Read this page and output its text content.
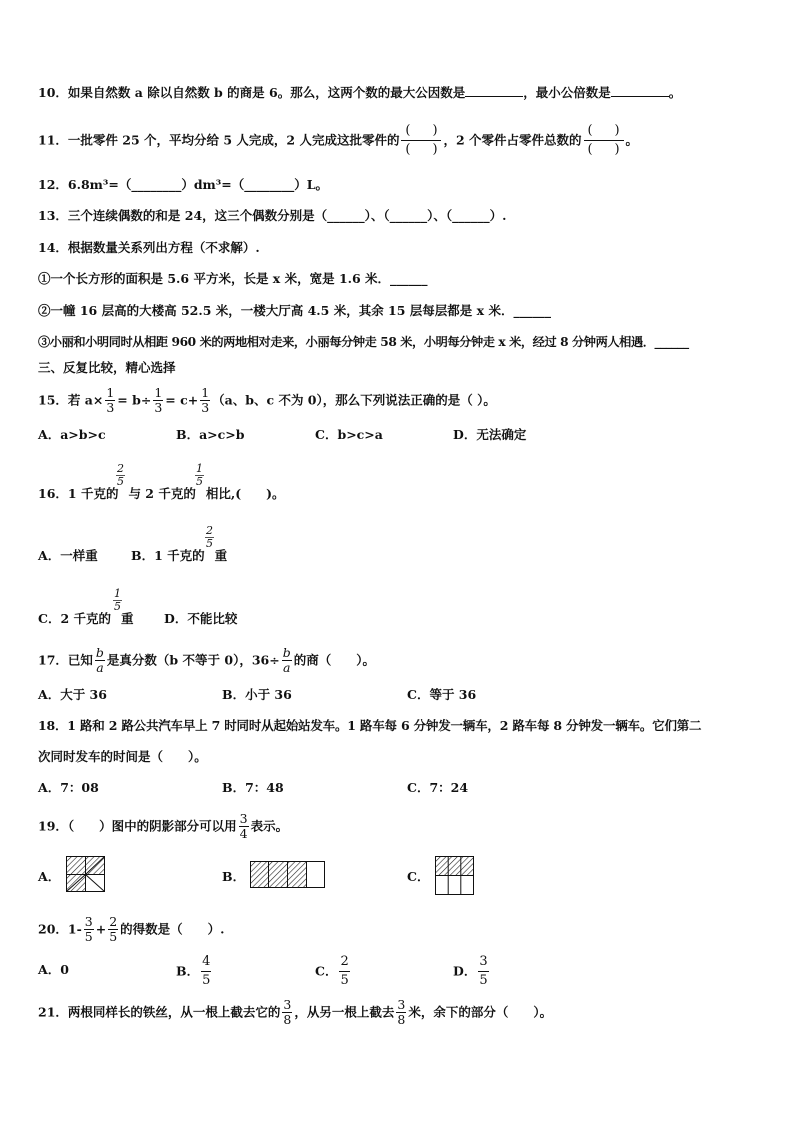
10．如果自然数 a 除以自然数 b 的商是 6。那么，这两个数的最大公因数是	，最小公倍数是	。
11．一批零件 25 个，平均分给 5 人完成，2 人完成这批零件的 $\frac{( )}{( )}$ ，2 个零件占零件总数的 $\frac{( )}{( )}$ 。
12．6.8m³=（________）dm³=（________）L。
13．三个连续偶数的和是 24，这三个偶数分别是（______）、（______）、（______）.
14．根据数量关系列出方程（不求解）.
①一个长方形的面积是 5.6 平方米，长是 x 米，宽是 1.6 米．______
②一幢 16 层高的大楼高 52.5 米，一楼大厅高 4.5 米，其余 15 层每层都是 x 米．______
③小丽和小明同时从相距 960 米的两地相对走来，小丽每分钟走 58 米，小明每分钟走 x 米，经过 8 分钟两人相遇．______
三、反复比较，精心选择
15．若 $a\times \frac{1}{3} = b\div \frac{1}{3} = c+ \frac{1}{3} (a$、b、c 不为 0），那么下列说法正确的是（ ）。
A．a>b>c	B．a>c>b	C．b>c>a	D．无法确定
2
5
1
5
16．1 千克的 与 2 千克的 相比,(　　)。
2
5
A．一样重	B．1 千克的 重
1
5
C．2 千克的 重 D．不能比较
17．已知 $\frac{b}{a}$ 是真分数（b 不等于 0），$36\div \frac{b}{a}$ 的商（　　）。
A．大于 36	B．小于 36	C．等于 36
18．1 路和 2 路公共汽车早上 7 时同时从起始站发车。1 路车每 6 分钟发一辆车，2 路车每 8 分钟发一辆车。它们第二
次同时发车的时间是（　　）。
A．7：08	B．7：48	C．7：24
19．（　　）图中的阴影部分可以用 $\frac{3}{4}$ 表示。
A．	B．	C．
20．$1- \frac{3}{5} + \frac{2}{5}$ 的得数是（　　）.
A．0	B． $\frac{4}{5}$	C． $\frac{2}{5}$	D． $\frac{3}{5}$
21．两根同样长的铁丝，从一根上截去它的 $\frac{3}{8}$ ，从另一根上截去 $\frac{3}{8}$ 米，余下的部分（　　）。
